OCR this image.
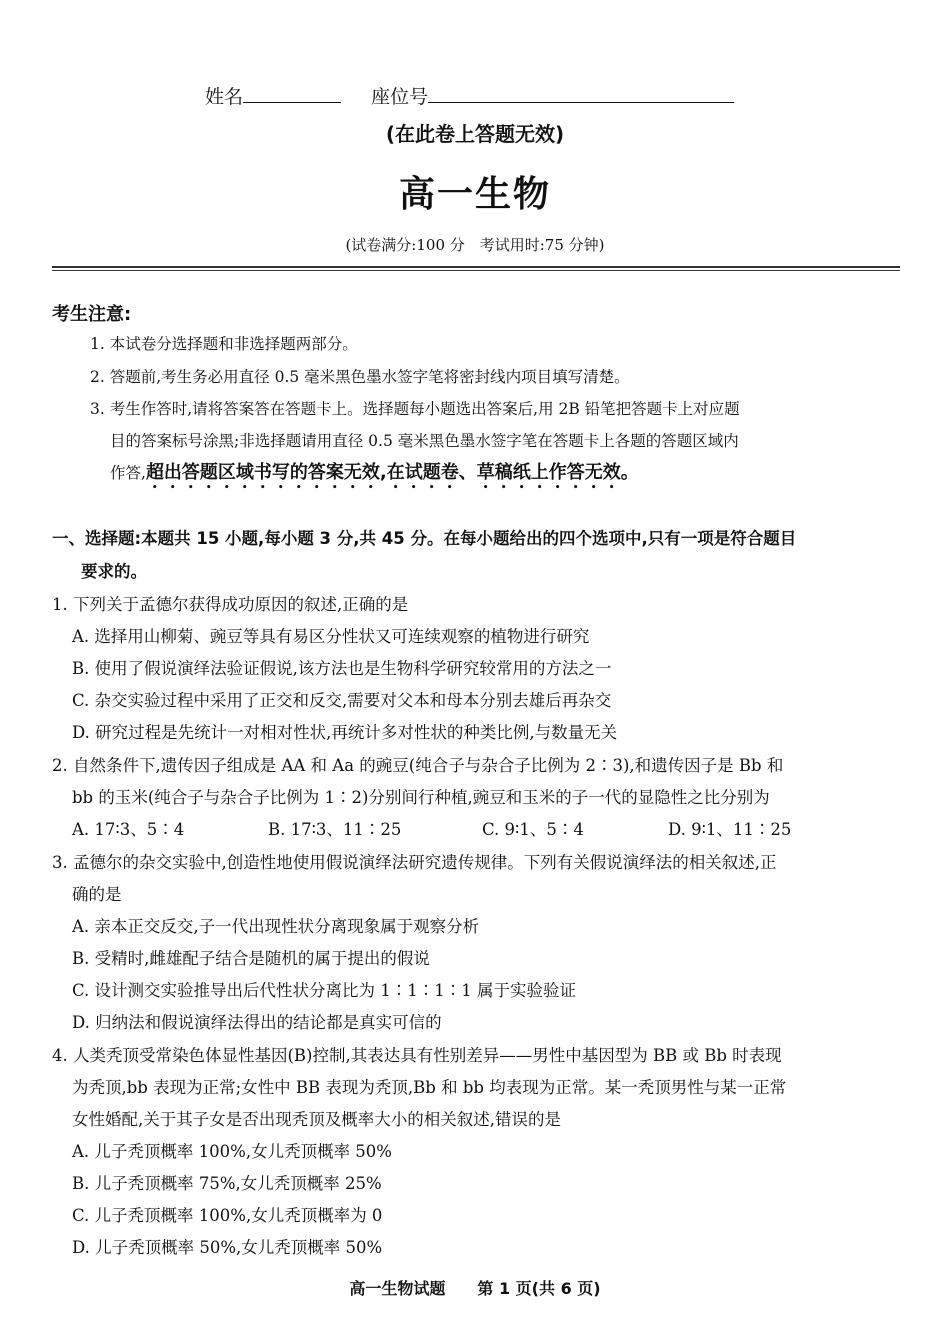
姓名	座位号
(在此卷上答题无效)
高一生物
(试卷满分:100 分　考试用时:75 分钟)
考生注意:
1. 本试卷分选择题和非选择题两部分。
2. 答题前,考生务必用直径 0.5 毫米黑色墨水签字笔将密封线内项目填写清楚。
3. 考生作答时,请将答案答在答题卡上。选择题每小题选出答案后,用 2B 铅笔把答题卡上对应题
目的答案标号涂黑;非选择题请用直径 0.5 毫米黑色墨水签字笔在答题卡上各题的答题区域内
作答,超出答题区域书写的答案无效,在试题卷、草稿纸上作答无效。
一、选择题:本题共 15 小题,每小题 3 分,共 45 分。在每小题给出的四个选项中,只有一项是符合题目
要求的。
1. 下列关于孟德尔获得成功原因的叙述,正确的是
A. 选择用山柳菊、豌豆等具有易区分性状又可连续观察的植物进行研究
B. 使用了假说演绎法验证假说,该方法也是生物科学研究较常用的方法之一
C. 杂交实验过程中采用了正交和反交,需要对父本和母本分别去雄后再杂交
D. 研究过程是先统计一对相对性状,再统计多对性状的种类比例,与数量无关
2. 自然条件下,遗传因子组成是 AA 和 Aa 的豌豆(纯合子与杂合子比例为 2∶3),和遗传因子是 Bb 和
bb 的玉米(纯合子与杂合子比例为 1∶2)分别间行种植,豌豆和玉米的子一代的显隐性之比分别为
A. 17∶3、5∶4	B. 17∶3、11∶25	C. 9∶1、5∶4	D. 9∶1、11∶25
3. 孟德尔的杂交实验中,创造性地使用假说演绎法研究遗传规律。下列有关假说演绎法的相关叙述,正
确的是
A. 亲本正交反交,子一代出现性状分离现象属于观察分析
B. 受精时,雌雄配子结合是随机的属于提出的假说
C. 设计测交实验推导出后代性状分离比为 1∶1∶1∶1 属于实验验证
D. 归纳法和假说演绎法得出的结论都是真实可信的
4. 人类秃顶受常染色体显性基因(B)控制,其表达具有性别差异——男性中基因型为 BB 或 Bb 时表现
为秃顶,bb 表现为正常;女性中 BB 表现为秃顶,Bb 和 bb 均表现为正常。某一秃顶男性与某一正常
女性婚配,关于其子女是否出现秃顶及概率大小的相关叙述,错误的是
A. 儿子秃顶概率 100%,女儿秃顶概率 50%
B. 儿子秃顶概率 75%,女儿秃顶概率 25%
C. 儿子秃顶概率 100%,女儿秃顶概率为 0
D. 儿子秃顶概率 50%,女儿秃顶概率 50%
高一生物试题　　第 1 页(共 6 页)
